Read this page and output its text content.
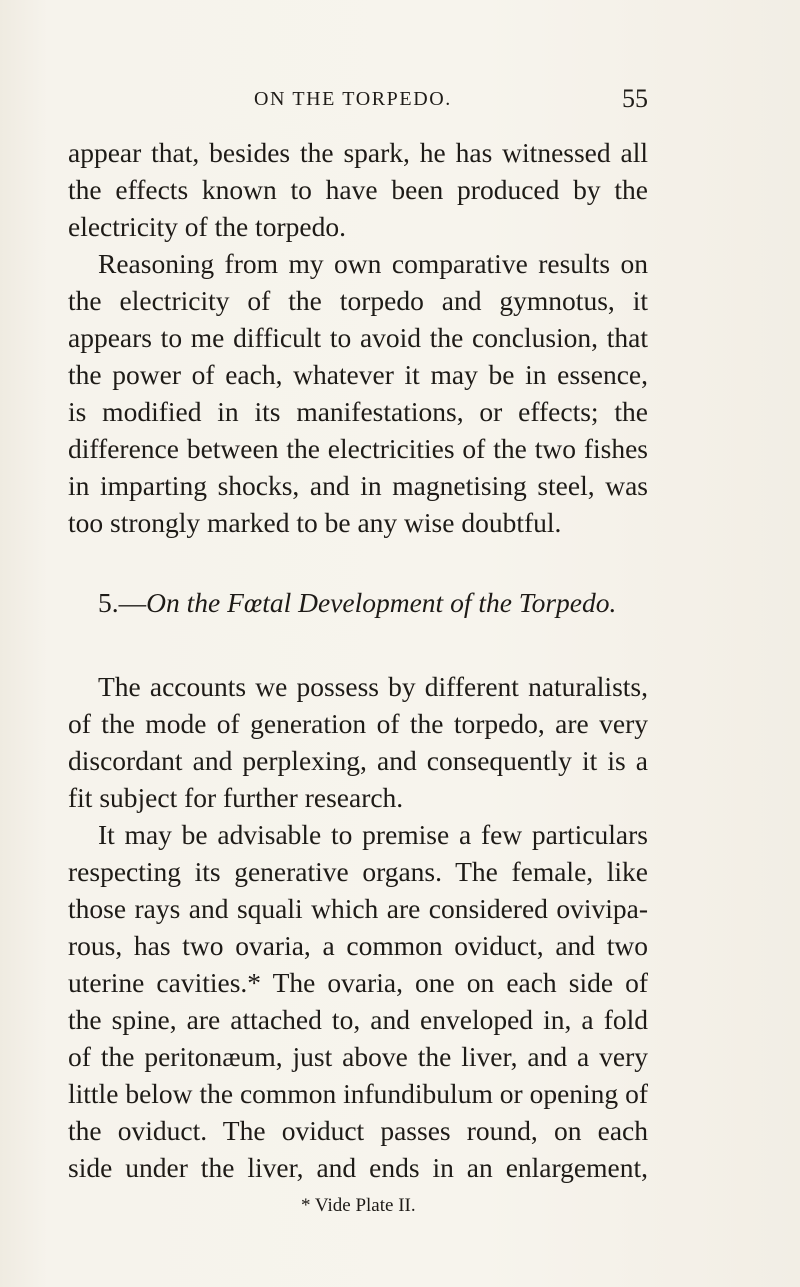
ON THE TORPEDO.	55
appear that, besides the spark, he has witnessed all
the effects known to have been produced by the
electricity of the torpedo.
Reasoning from my own comparative results on
the electricity of the torpedo and gymnotus, it
appears to me difficult to avoid the conclusion, that
the power of each, whatever it may be in essence,
is modified in its manifestations, or effects; the
difference between the electricities of the two fishes
in imparting shocks, and in magnetising steel, was
too strongly marked to be any wise doubtful.
5.—On the Fœtal Development of the Torpedo.
The accounts we possess by different naturalists,
of the mode of generation of the torpedo, are very
discordant and perplexing, and consequently it is a
fit subject for further research.
It may be advisable to premise a few particulars
respecting its generative organs. The female, like
those rays and squali which are considered ovivipa-
rous, has two ovaria, a common oviduct, and two
uterine cavities.* The ovaria, one on each side of
the spine, are attached to, and enveloped in, a fold
of the peritonæum, just above the liver, and a very
little below the common infundibulum or opening of
the oviduct. The oviduct passes round, on each
side under the liver, and ends in an enlargement,
* Vide Plate II.
